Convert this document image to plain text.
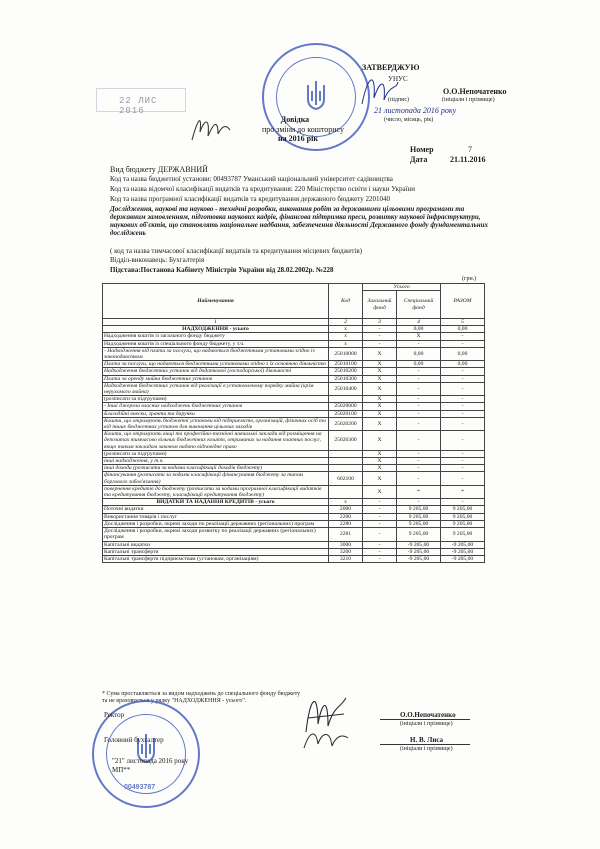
22 ЛИС 2016
ЗАТВЕРДЖУЮ
УНУС
О.О.Непочатенко
(підпис)	(ініціали і прізвище)
21 листопада 2016 року
(число, місяць, рік)
Довідка
про зміни до кошторису
на 2016 рік
Номер	7
Дата	21.11.2016
Вид бюджету ДЕРЖАВНИЙ
Код та назва бюджетної установи: 00493787 Уманський національний університет садівництва
Код та назва відомчої класифікації видатків та кредитування: 220 Міністерство освіти і науки України
Код та назва програмної класифікації видатків та кредитування державного бюджету 2201040
Дослідження, наукові та науково - технічні розробки, виконання робіт за державними цільовими програмами та державним замовленням, підготовка наукових кадрів, фінансова підтримка преси, розвитку наукової інфраструктури, наукових об'єктів, що становлять національне надбання, забезпечення діяльності Державного фонду фундаментальних досліджень
( код та назва тимчасової класифікації видатків та кредитування місцевих бюджетів)
Відділ-виконавець: Бухгалтерія
Підстава:Постанова Кабінету Міністрів України від 28.02.2002р. №228
(грн.)
Найменування	Код	Усього		РАЗОМ
		Загальний фонд	Спеціальний фонд	
1	2	3	4	5
НАДХОДЖЕННЯ - усього	x	-	0,00	0,00
Надходження коштів із загального фонду бюджету	x	-	X	-
Надходження коштів із спеціального фонду бюджету, у т.ч.	x	-	-	-
- Надходження від плати за послуги, що надаються бюджетними установами згідно із законодавством	25010000	X	0,00	0,00
Плата за послуги, що надаються бюджетними установами згідно з їх основною діяльністю	25010100	X	0,00	0,00
Надходження бюджетних установ від додаткової (господарської) діяльності	25010200	X	-	-
Плата за оренду майна бюджетних установ	25010300	X	-	-
Надходження бюджетних установ від реалізації в установленому порядку майна (крім нерухомого майна)	25010400	X	-	-
(розписати за підгрупами)		X	-	-
- Інші джерела власних надходжень бюджетних установ	25020000	X	-	-
Благодійні внески, гранти та дарунки	25020100	X	-	-
Кошти, що отримують бюджетні установи від підприємств, організацій, фізичних осіб та від інших бюджетних установ для виконання цільових заходів	25020200	X	-	-
Кошти, що отримують вищі та професійно-технічні навчальні заклади від розміщення на депозитах тимчасово вільних бюджетних коштів, отриманих за надання платних послуг, якщо таким закладам законом надано відповідне право	25020300	X	-	-
(розписати за підгрупами)		X	-	-
інші надходження, у т.ч.		X	-	-
інші доходи (розписати за кодами класифікації доходів бюджету)		X	-	-
фінансування (розписати за кодами класифікації фінансування бюджету за типом боргового зобов'язання)	602100	X	-	-
повернення кредитів до бюджету (розписати за кодами програмної класифікації видатків та кредитування бюджету, класифікації кредитування бюджету)		X	*	*
ВИДАТКИ ТА НАДАННЯ КРЕДИТІВ - усього	x	-	-	-
Поточні видатки	2000	-	9 205,00	9 205,00
Використання товарів і послуг	2200	-	9 205,00	9 205,00
Дослідження і розробки, окремі заходи по реалізації державних (регіональних) програм	2280	-	9 205,00	9 205,00
Дослідження і розробки, окремі заходи розвитку по реалізації державних (регіональних) програм	2281	-	9 205,00	9 205,00
Капітальні видатки	3000	-	-9 205,00	-9 205,00
Капітальні трансферти	3200	-	-9 205,00	-9 205,00
Капітальні трансферти підприємствам (установам, організаціям)	3210	-	-9 205,00	-9 205,00
* Сума проставляється за видом надходжень до спеціального фонду бюджету та не враховується у рядку "НАДХОДЖЕННЯ - усього".
00493787
Ректор	О.О.Непочатенко
(ініціали і прізвище)
Головний бухгалтер	Н. В. Лиса
(ініціали і прізвище)
"21" листопада 2016 року
МП**
